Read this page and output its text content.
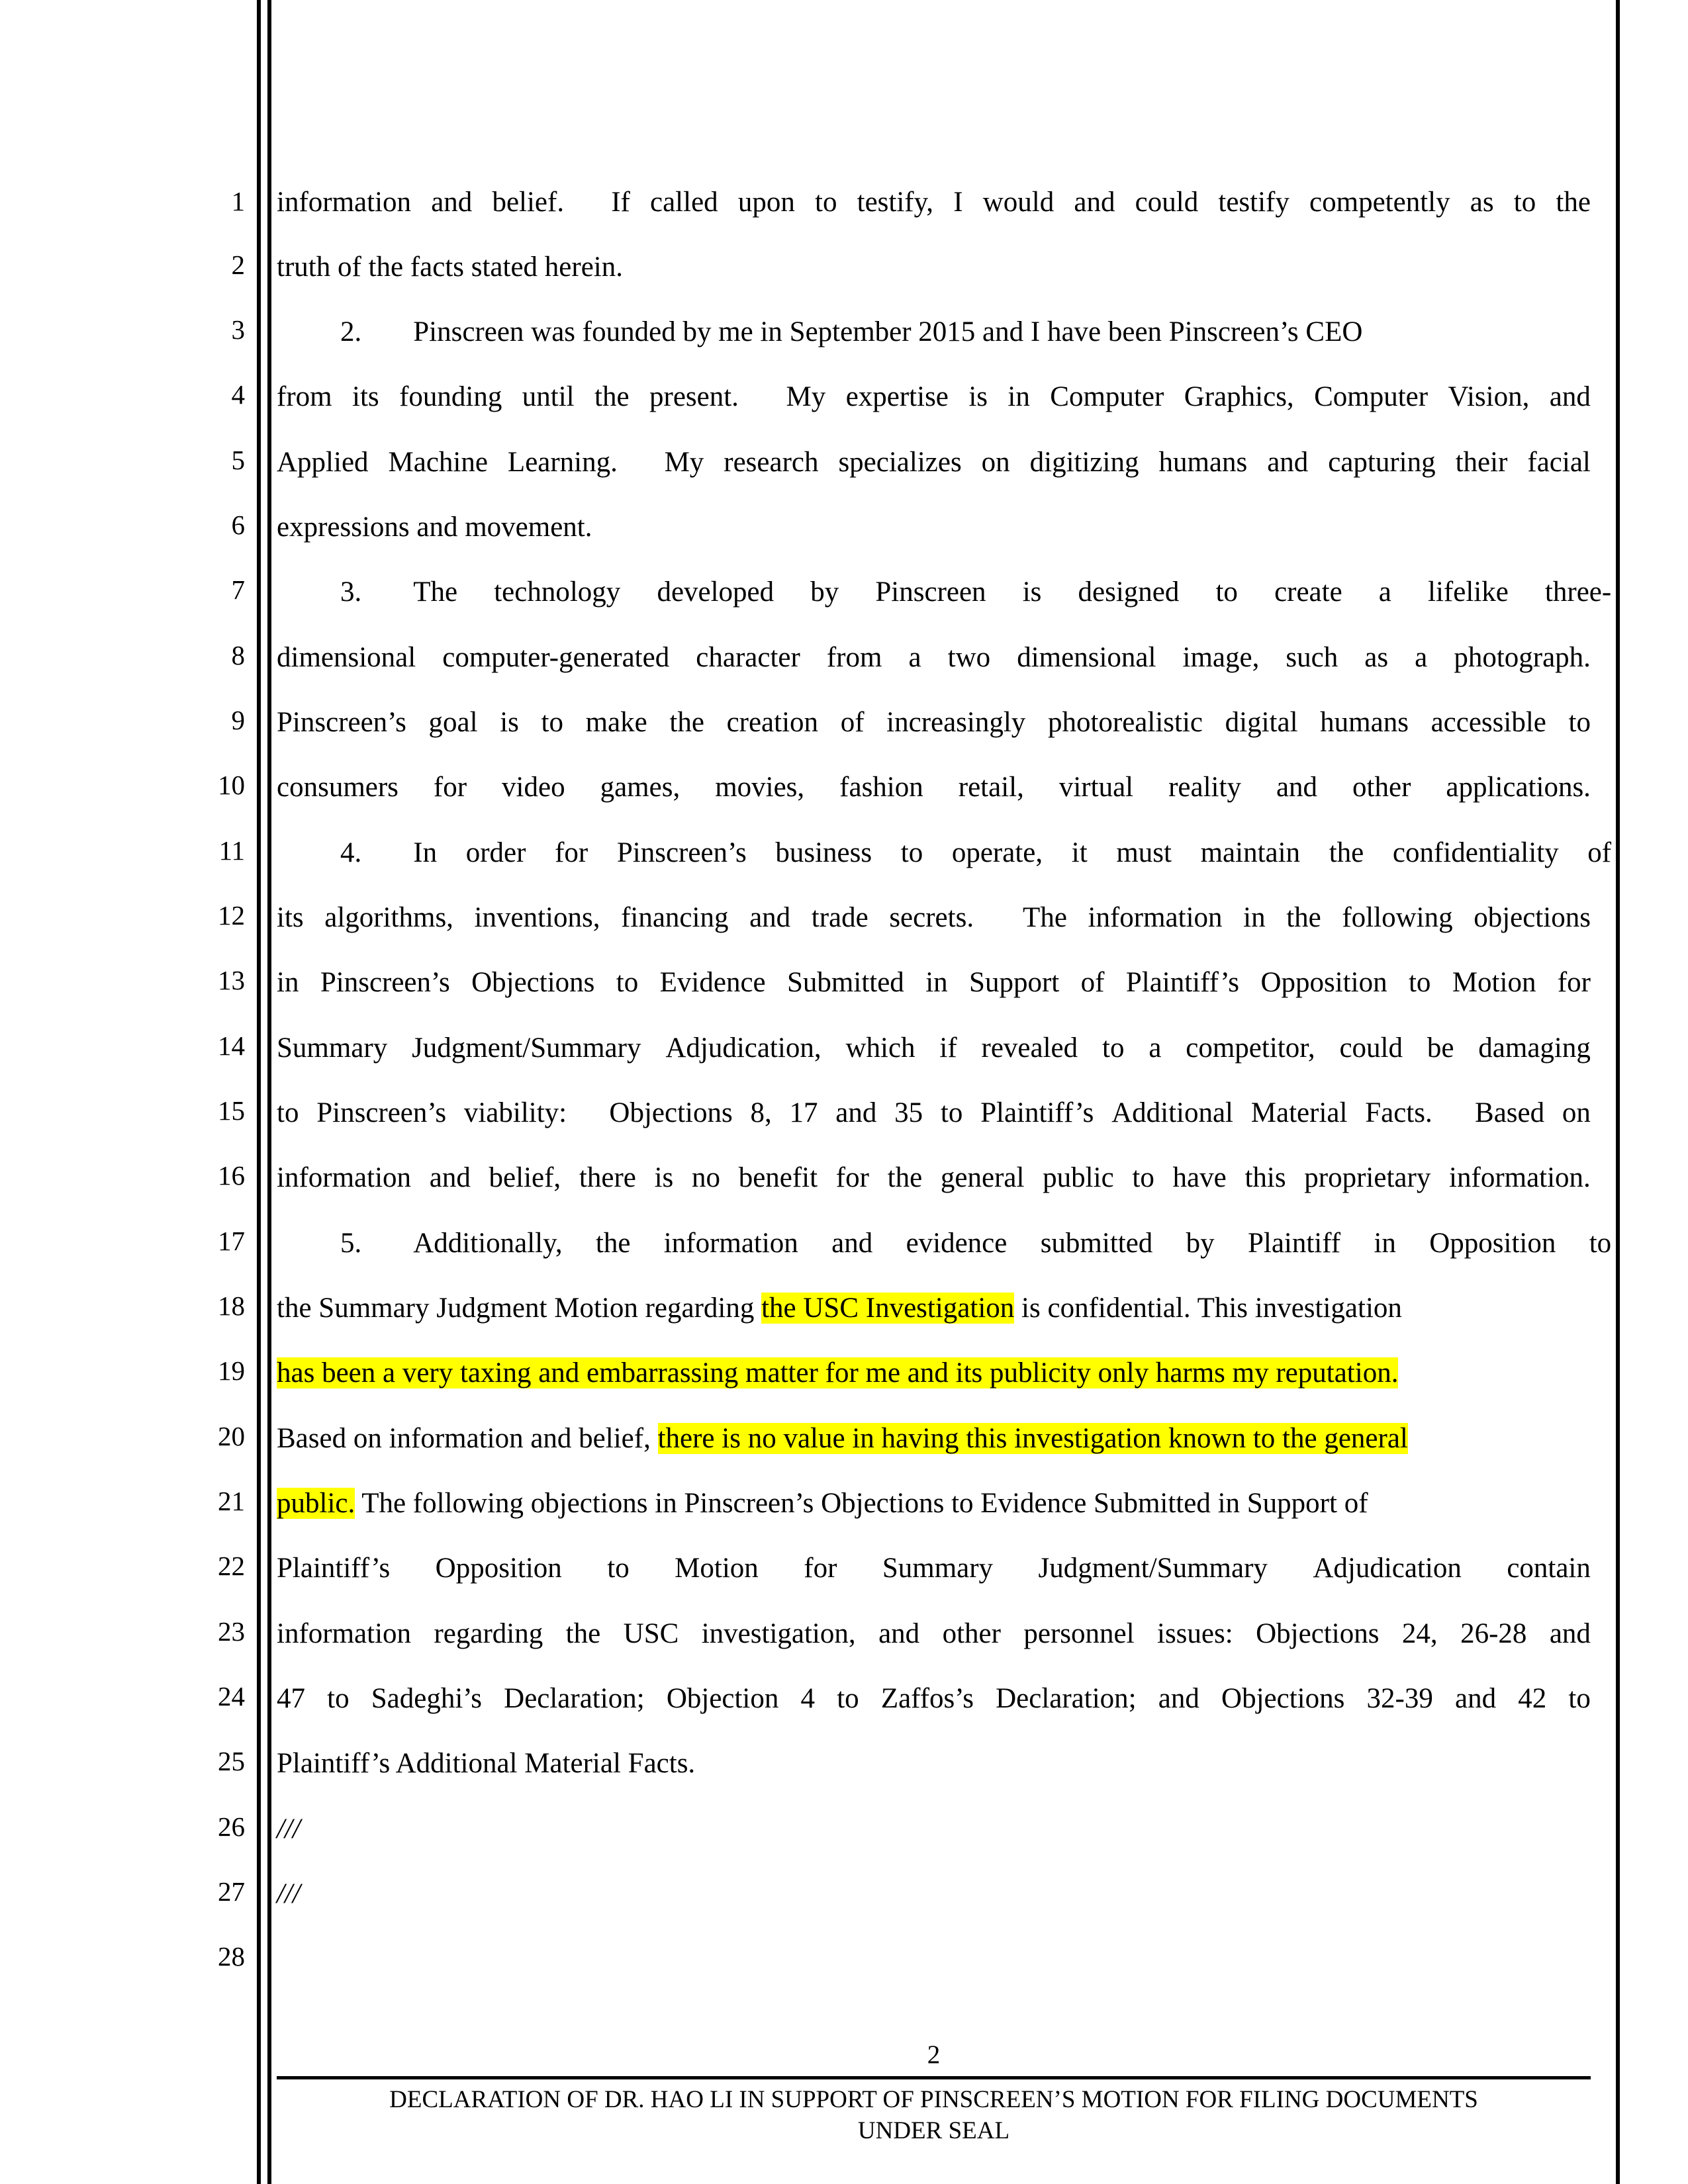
1
2
3
4
5
6
7
8
9
10
11
12
13
14
15
16
17
18
19
20
21
22
23
24
25
26
27
28
information and belief.
If called upon to testify, I would and could testify competently as to the
truth of the facts stated herein.
2. Pinscreen was founded by me in September 2015 and I have been Pinscreen’s CEO
from its founding until the present.
My expertise is in Computer Graphics, Computer Vision, and
Applied Machine Learning.
My research specializes on digitizing humans and capturing their facial
expressions and movement.
3. The technology developed by Pinscreen is designed to create a lifelike three-
dimensional computer-generated character from a two dimensional image, such as a photograph.
Pinscreen’s goal is to make the creation of increasingly photorealistic digital humans accessible to
consumers for video games, movies, fashion retail, virtual reality and other applications.
4. In order for Pinscreen’s business to operate, it must maintain the confidentiality of
its algorithms, inventions, financing and trade secrets.
The information in the following objections
in Pinscreen’s Objections to Evidence Submitted in Support of Plaintiff’s Opposition to Motion for
Summary Judgment/Summary Adjudication, which if revealed to a competitor, could be damaging
to Pinscreen’s viability:
Objections 8, 17 and 35 to Plaintiff’s Additional Material Facts.
Based on
information and belief, there is no benefit for the general public to have this proprietary information.
5. Additionally, the information and evidence submitted by Plaintiff in Opposition to
the Summary Judgment Motion regarding the USC Investigation is confidential. This investigation
has been a very taxing and embarrassing matter for me and its publicity only harms my reputation.
Based on information and belief, there is no value in having this investigation known to the general
public. The following objections in Pinscreen’s Objections to Evidence Submitted in Support of
Plaintiff’s Opposition to Motion for Summary Judgment/Summary Adjudication contain
information regarding the USC investigation, and other personnel issues: Objections 24, 26-28 and
47 to Sadeghi’s Declaration; Objection 4 to Zaffos’s Declaration; and Objections 32-39 and 42 to
Plaintiff’s Additional Material Facts.
///
///
2
DECLARATION OF DR. HAO LI IN SUPPORT OF PINSCREEN’S MOTION FOR FILING DOCUMENTS
UNDER SEAL
